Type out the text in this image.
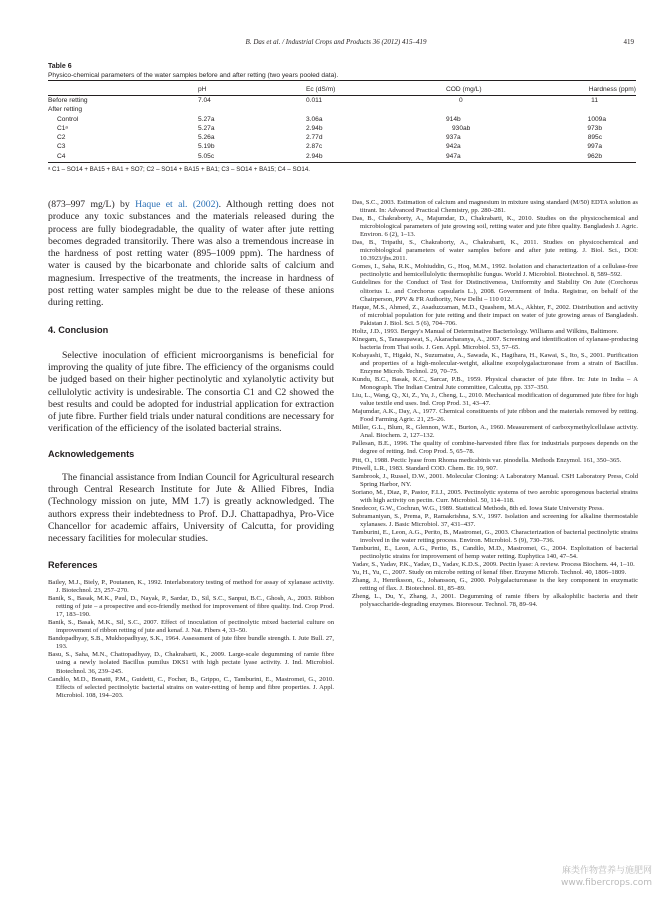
B. Das et al. / Industrial Crops and Products 36 (2012) 415–419	419
Table 6
Physico-chemical parameters of the water samples before and after retting (two years pooled data).
	pH	Ec (dS/m)	COD (mg/L)	Hardness (ppm)
Before retting	7.04	0.011	0	11
After retting				
Control	5.27a	3.06a	914b	1009a
C1ᵃ	5.27a	2.94b	930ab	973b
C2	5.26a	2.77d	937a	895c
C3	5.19b	2.87c	942a	997a
C4	5.05c	2.94b	947a	962b
ᵃ C1 – SO14 + BA15 + BA1 + SO7; C2 – SO14 + BA15 + BA1; C3 – SO14 + BA15; C4 – SO14.

(873–997 mg/L) by Haque et al. (2002). Although retting does not produce any toxic substances and the materials released during the process are fully biodegradable, the quality of water after jute retting becomes degraded transitorily. There was also a tremendous increase in the hardness of post retting water (895–1009 ppm). The hardness of water is caused by the bicarbonate and chloride salts of calcium and magnesium. Irrespective of the treatments, the increase in hardness of post retting water samples might be due to the release of these anions during retting.

4. Conclusion

Selective inoculation of efficient microorganisms is beneficial for improving the quality of jute fibre. The efficiency of the organisms could be judged based on their higher pectinolytic and xylanolytic activity but cellulolytic activity is undesirable. The consortia C1 and C2 showed the best results and could be adopted for industrial application for extraction of jute fibre. Further field trials under natural conditions are necessary for verification of the efficiency of the isolated bacterial strains.

Acknowledgements

The financial assistance from Indian Council for Agricultural research through Central Research Institute for Jute & Allied Fibres, India (Technology mission on jute, MM 1.7) is greatly acknowledged. The authors express their indebtedness to Prof. D.J. Chattapadhya, Pro-Vice Chancellor for academic affairs, University of Calcutta, for providing necessary facilities for molecular studies.

References
Bailey, M.J., Biely, P., Poutanen, K., 1992. Interlaboratory testing of method for assay of xylanase activity. J. Biotechnol. 23, 257–270.
Banik, S., Basak, M.K., Paul, D., Nayak, P., Sardar, D., Sil, S.C., Sanpui, B.C., Ghosh, A., 2003. Ribbon retting of jute – a prospective and eco-friendly method for improvement of fibre quality. Ind. Crop Prod. 17, 183–190.
Banik, S., Basak, M.K., Sil, S.C., 2007. Effect of inoculation of pectinolytic mixed bacterial culture on improvement of ribbon retting of jute and kenaf. J. Nat. Fibers 4, 33–50.
Bandopadhyay, S.B., Mukhopadhyay, S.K., 1964. Assessment of jute fibre bundle strength. I. Jute Bull. 27, 193.
Basu, S., Saha, M.N., Chattopadhyay, D., Chakrabarti, K., 2009. Large-scale degumming of ramie fibre using a newly isolated Bacillus pumilus DKS1 with high pectate lyase activity. J. Ind. Microbiol. Biotechnol. 36, 239–245.
Candilo, M.D., Bonatti, P.M., Guidetti, C., Focher, B., Grippo, C., Tamburini, E., Mastromei, G., 2010. Effects of selected pectinolytic bacterial strains on water-retting of hemp and fibre properties. J. Appl. Microbiol. 108, 194–203.
Das, S.C., 2003. Estimation of calcium and magnesium in mixture using standard (M/50) EDTA solution as titrant. In: Advanced Practical Chemistry, pp. 280–281.
Das, B., Chakraborty, A., Majumdar, D., Chakrabarti, K., 2010. Studies on the physicochemical and microbiological parameters of jute growing soil, retting water and jute fibre quality. Bangladesh J. Agric. Environ. 6 (2), 1–13.
Das, B., Tripathi, S., Chakraborty, A., Chakrabarti, K., 2011. Studies on physicochemical and microbiological parameters of water samples before and after jute retting. J. Biol. Sci., DOI: 10.3923/jbs.2011.
Gomes, I., Saha, R.K., Mohiuddin, G., Hoq, M.M., 1992. Isolation and characterization of a cellulase-free pectinolytic and hemicellulolytic thermophilic fungus. World J. Microbiol. Biotechnol. 8, 589–592.
Guidelines for the Conduct of Test for Distinctiveness, Uniformity and Stability On Jute (Corchorus olitorius L. and Corchorus capsularis L.), 2008. Government of India. Registrar, on behalf of the Chairperson, PPV & FR Authority, New Delhi – 110 012.
Haque, M.S., Ahmed, Z., Asaduzzaman, M.D., Quashem, M.A., Akhter, F., 2002. Distribution and activity of microbial population for jute retting and their impact on water of jute growing areas of Bangladesh. Pakistan J. Biol. Sci. 5 (6), 704–706.
Holtz, J.D., 1993. Bergey's Manual of Determinative Bacteriology. Williams and Wilkins, Baltimore.
Kinegam, S., Tanasupawat, S., Akaracharanya, A., 2007. Screening and identification of xylanase-producing bacteria from Thai soils. J. Gen. Appl. Microbiol. 53, 57–65.
Kobayashi, T., Higaki, N., Suzumatsu, A., Sawada, K., Hagihara, H., Kawai, S., Ito, S., 2001. Purification and properties of a high-molecular-weight, alkaline exopolygalacturonase from a strain of Bacillus. Enzyme Microb. Technol. 29, 70–75.
Kundu, B.C., Basak, K.C., Sarcar, P.B., 1959. Physical character of jute fibre. In: Jute in India – A Monograph. The Indian Central Jute committee, Calcutta, pp. 337–350.
Liu, L., Wang, Q., Xi, Z., Yu, J., Cheng, L., 2010. Mechanical modification of degummed jute fibre for high value textile end uses. Ind. Crop Prod. 31, 43–47.
Majumdar, A.K., Day, A., 1977. Chemical constituents of jute ribbon and the materials removed by retting. Food Farming Agric. 21, 25–26.
Miller, G.L., Blum, R., Glennon, W.E., Burton, A., 1960. Measurement of carboxymethylcellulase activity. Anal. Biochem. 2, 127–132.
Pallesan, B.E., 1996. The quality of combine-harvested fibre flax for industrials purposes depends on the degree of retting. Ind. Crop Prod. 5, 65–78.
Pitt, O., 1988. Pectic lyase from Rhoma medicabinis var. pinodella. Methods Enzymol. 161, 350–365.
Pitwell, L.R., 1983. Standard COD. Chem. Br. 19, 907.
Sambrook, J., Russel, D.W., 2001. Molecular Cloning: A Laboratory Manual. CSH Laboratory Press, Cold Spring Harbor, NY.
Soriano, M., Diaz, P., Pastor, F.I.J., 2005. Pectinolytic systems of two aerobic sporogenous bacterial strains with high activity on pectin. Curr. Microbiol. 50, 114–118.
Snedecor, G.W., Cochran, W.G., 1989. Statistical Methods, 8th ed. Iowa State University Press.
Subramaniyan, S., Prema, P., Ramakrishna, S.V., 1997. Isolation and screening for alkaline thermostable xylanases. J. Basic Microbiol. 37, 431–437.
Tamburini, E., Leon, A.G., Perito, B., Mastromei, G., 2003. Characterization of bacterial pectinolytic strains involved in the water retting process. Environ. Microbiol. 5 (9), 730–736.
Tamburini, E., Leon, A.G., Perito, B., Candilo, M.D., Mastromei, G., 2004. Exploitation of bacterial pectinolytic strains for improvement of hemp water retting. Euphytica 140, 47–54.
Yadav, S., Yadav, P.K., Yadav, D., Yadav, K.D.S., 2009. Pectin lyase: A review. Process Biochem. 44, 1–10.
Yu, H., Yu, C., 2007. Study on microbe retting of kenaf fiber. Enzyme Microb. Technol. 40, 1806–1809.
Zhang, J., Henriksson, G., Johansson, G., 2000. Polygalacturonase is the key component in enzymatic retting of flax. J. Biotechnol. 81, 85–89.
Zheng, L., Du, Y., Zhang, J., 2001. Degumming of ramie fibers by alkalophilic bacteria and their polysaccharide-degrading enzymes. Bioresour. Technol. 78, 89–94.
麻类作物营养与施肥网
www.fibercrops.com
